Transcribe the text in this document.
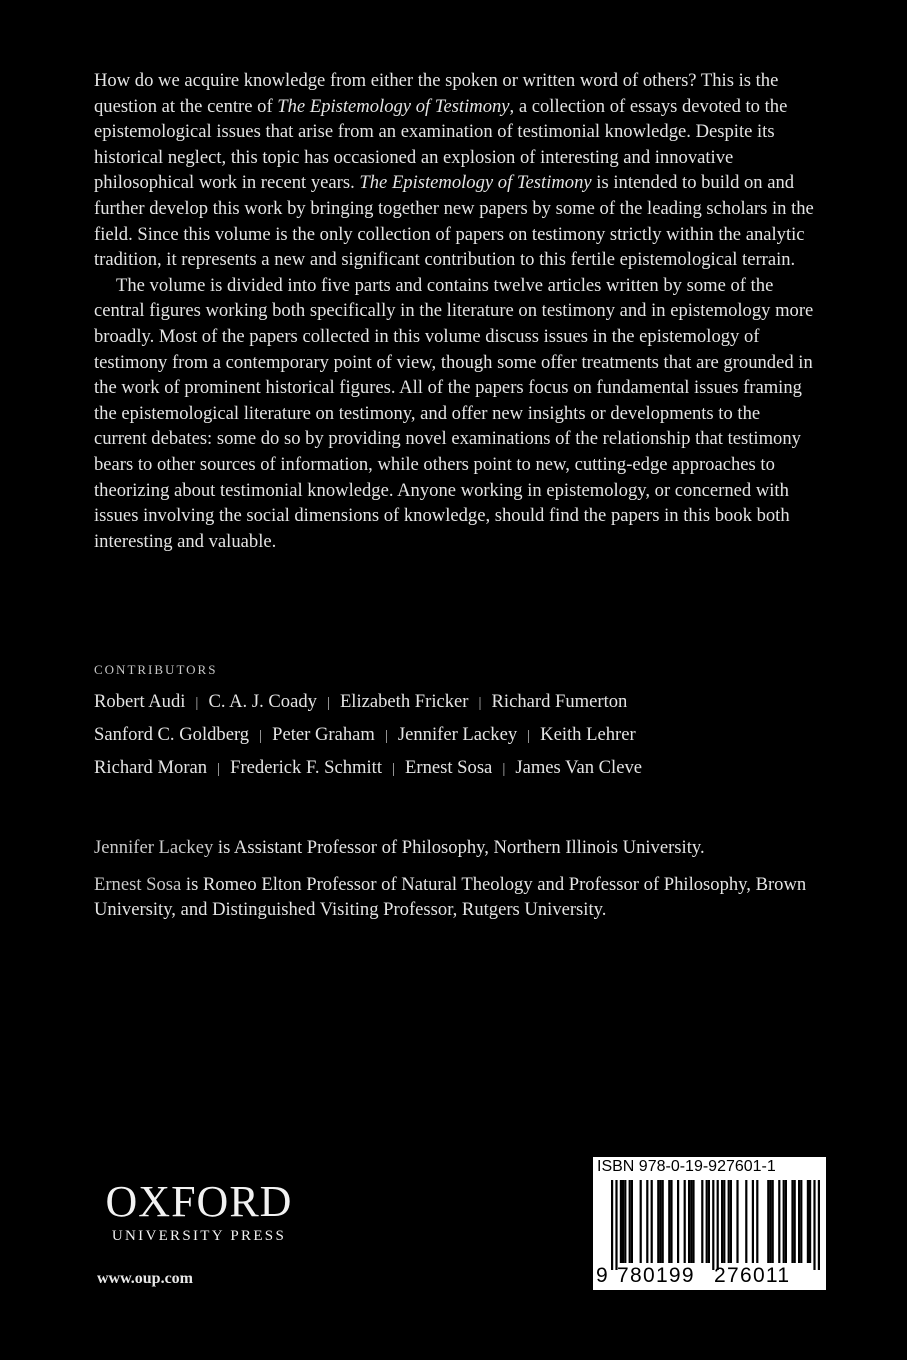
How do we acquire knowledge from either the spoken or written word of others? This is the question at the centre of The Epistemology of Testimony, a collection of essays devoted to the epistemological issues that arise from an examination of testimonial knowledge. Despite its historical neglect, this topic has occasioned an explosion of interesting and innovative philosophical work in recent years. The Epistemology of Testimony is intended to build on and further develop this work by bringing together new papers by some of the leading scholars in the field. Since this volume is the only collection of papers on testimony strictly within the analytic tradition, it represents a new and significant contribution to this fertile epistemological terrain.

The volume is divided into five parts and contains twelve articles written by some of the central figures working both specifically in the literature on testimony and in epistemology more broadly. Most of the papers collected in this volume discuss issues in the epistemology of testimony from a contemporary point of view, though some offer treatments that are grounded in the work of prominent historical figures. All of the papers focus on fundamental issues framing the epistemological literature on testimony, and offer new insights or developments to the current debates: some do so by providing novel examinations of the relationship that testimony bears to other sources of information, while others point to new, cutting-edge approaches to theorizing about testimonial knowledge. Anyone working in epistemology, or concerned with issues involving the social dimensions of knowledge, should find the papers in this book both interesting and valuable.

CONTRIBUTORS
Robert Audi | C. A. J. Coady | Elizabeth Fricker | Richard Fumerton
Sanford C. Goldberg | Peter Graham | Jennifer Lackey | Keith Lehrer
Richard Moran | Frederick F. Schmitt | Ernest Sosa | James Van Cleve

Jennifer Lackey is Assistant Professor of Philosophy, Northern Illinois University.

Ernest Sosa is Romeo Elton Professor of Natural Theology and Professor of Philosophy, Brown University, and Distinguished Visiting Professor, Rutgers University.

OXFORD
UNIVERSITY PRESS
www.oup.com
ISBN 978-0-19-927601-1
9 780199 276011
